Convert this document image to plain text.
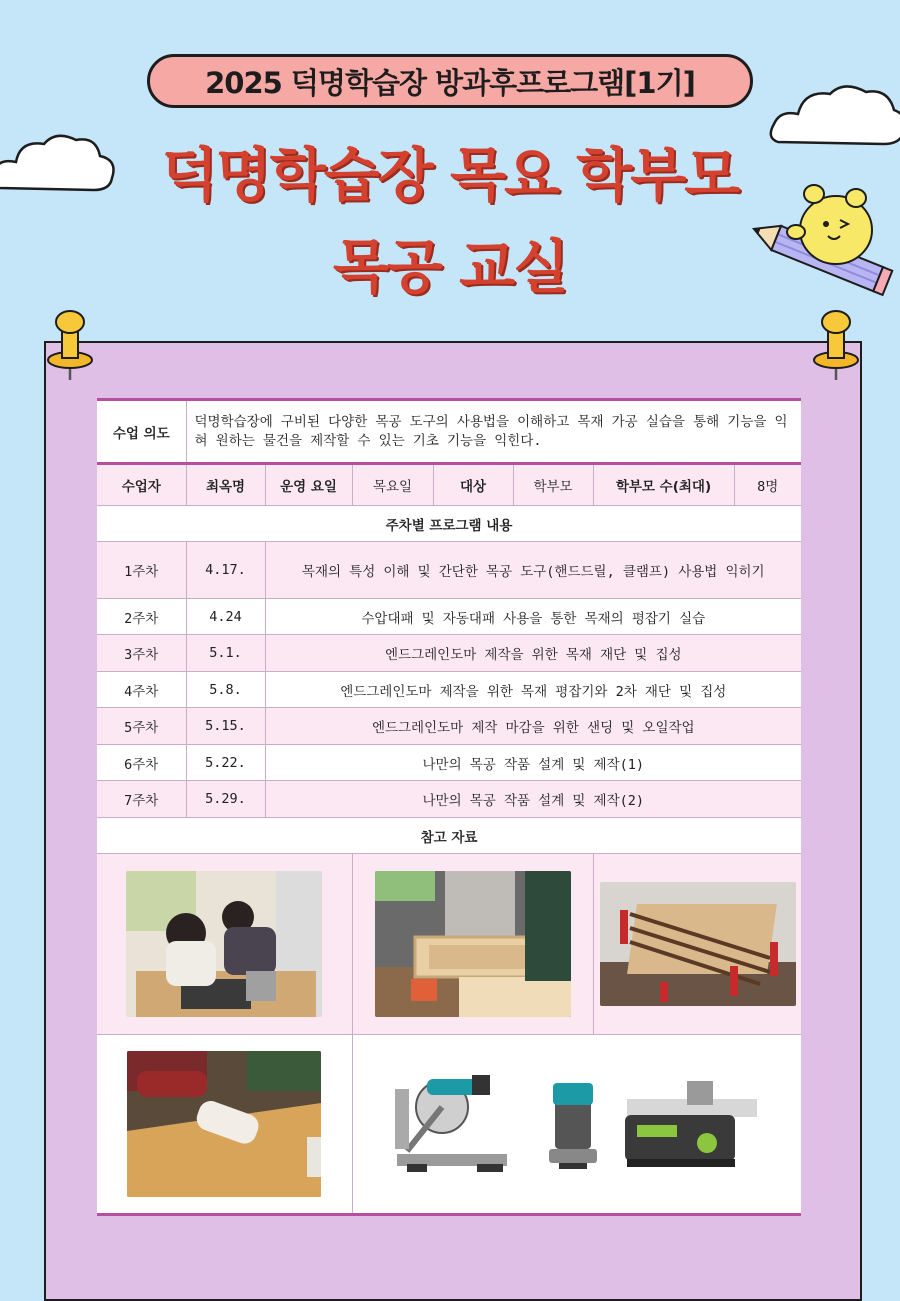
2025 덕명학습장 방과후프로그램[1기]
덕명학습장 목요 학부모
목공 교실
수업 의도	덕명학습장에 구비된 다양한 목공 도구의 사용법을 이해하고 목재 가공 실습을 통해 기능을 익혀 원하는 물건을 제작할 수 있는 기초 기능을 익힌다.						
수업자	최옥명	운영 요일	목요일	대상	학부모	학부모 수(최대)	8명
주차별 프로그램 내용							
1주차	4.17.	목재의 특성 이해 및 간단한 목공 도구(핸드드릴, 클램프) 사용법 익히기					
2주차	4.24	수압대패 및 자동대패 사용을 통한 목재의 평잡기 실습					
3주차	5.1.	엔드그레인도마 제작을 위한 목재 재단 및 집성					
4주차	5.8.	엔드그레인도마 제작을 위한 목재 평잡기와 2차 재단 및 집성					
5주차	5.15.	엔드그레인도마 제작 마감을 위한 샌딩 및 오일작업					
6주차	5.22.	나만의 목공 작품 설계 및 제작(1)					
7주차	5.29.	나만의 목공 작품 설계 및 제작(2)					
참고 자료							
